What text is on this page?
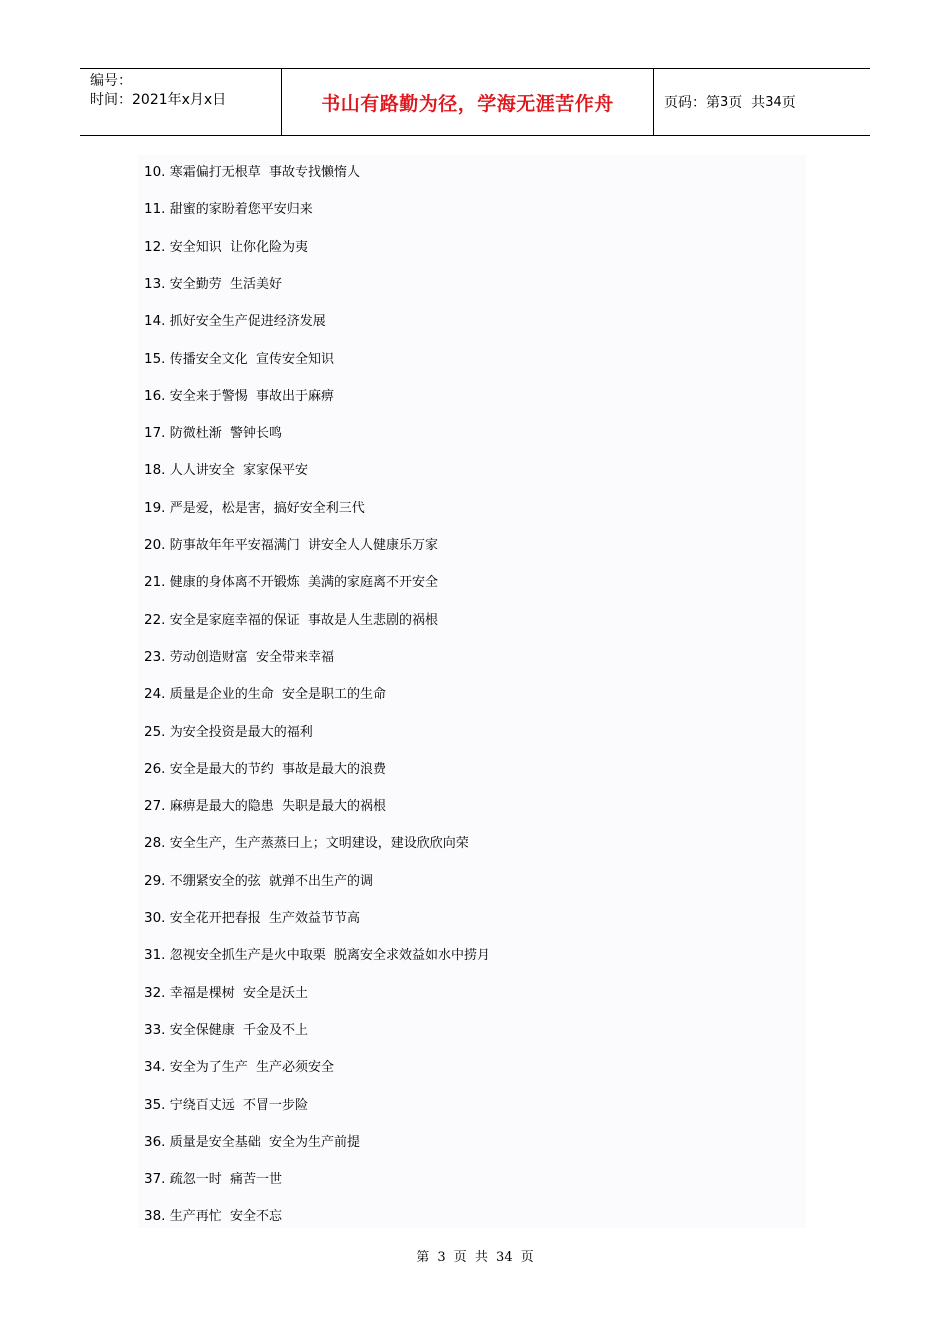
编号：
时间：2021年x月x日	书山有路勤为径，学海无涯苦作舟	页码：第 3 页  共 34 页
10. 寒霜偏打无根草  事故专找懒惰人
11. 甜蜜的家盼着您平安归来
12. 安全知识  让你化险为夷
13. 安全勤劳  生活美好
14. 抓好安全生产促进经济发展
15. 传播安全文化  宣传安全知识
16. 安全来于警惕  事故出于麻痹
17. 防微杜渐  警钟长鸣
18. 人人讲安全  家家保平安
19. 严是爱，松是害，搞好安全利三代
20. 防事故年年平安福满门  讲安全人人健康乐万家
21. 健康的身体离不开锻炼  美满的家庭离不开安全
22. 安全是家庭幸福的保证  事故是人生悲剧的祸根
23. 劳动创造财富  安全带来幸福
24. 质量是企业的生命  安全是职工的生命
25. 为安全投资是最大的福利
26. 安全是最大的节约  事故是最大的浪费
27. 麻痹是最大的隐患  失职是最大的祸根
28. 安全生产，生产蒸蒸曰上；文明建设，建设欣欣向荣
29. 不绷紧安全的弦  就弹不出生产的调
30. 安全花开把春报  生产效益节节高
31. 忽视安全抓生产是火中取栗  脱离安全求效益如水中捞月
32. 幸福是棵树  安全是沃土
33. 安全保健康  千金及不上
34. 安全为了生产  生产必须安全
35. 宁绕百丈远  不冒一步险
36. 质量是安全基础  安全为生产前提
37. 疏忽一时  痛苦一世
38. 生产再忙  安全不忘
第 3 页 共 34 页
